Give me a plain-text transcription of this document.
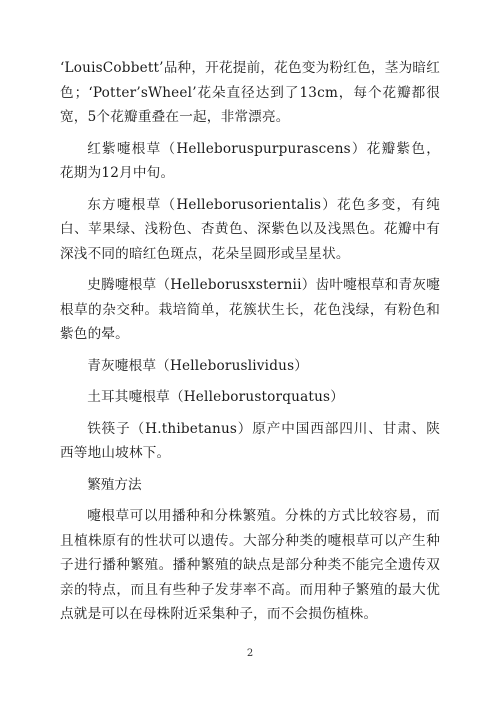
‘LouisCobbett’品种，开花提前，花色变为粉红色，茎为暗红色；‘Potter’sWheel’花朵直径达到了13cm，每个花瓣都很宽，5个花瓣重叠在一起，非常漂亮。

红紫嚏根草（Helleboruspurpurascens）花瓣紫色，花期为12月中旬。

东方嚏根草（Helleborusorientalis）花色多变，有纯白、苹果绿、浅粉色、杏黄色、深紫色以及浅黑色。花瓣中有深浅不同的暗红色斑点，花朵呈圆形或呈星状。

史腾嚏根草（Helleborusxsternii）齿叶嚏根草和青灰嚏根草的杂交种。栽培简单，花簇状生长，花色浅绿，有粉色和紫色的晕。

青灰嚏根草（Helleboruslividus）

土耳其嚏根草（Helleborustorquatus）

铁筷子（H.thibetanus）原产中国西部四川、甘肃、陕西等地山坡林下。

繁殖方法

嚏根草可以用播种和分株繁殖。分株的方式比较容易，而且植株原有的性状可以遗传。大部分种类的嚏根草可以产生种子进行播种繁殖。播种繁殖的缺点是部分种类不能完全遗传双亲的特点，而且有些种子发芽率不高。而用种子繁殖的最大优点就是可以在母株附近采集种子，而不会损伤植株。

2
